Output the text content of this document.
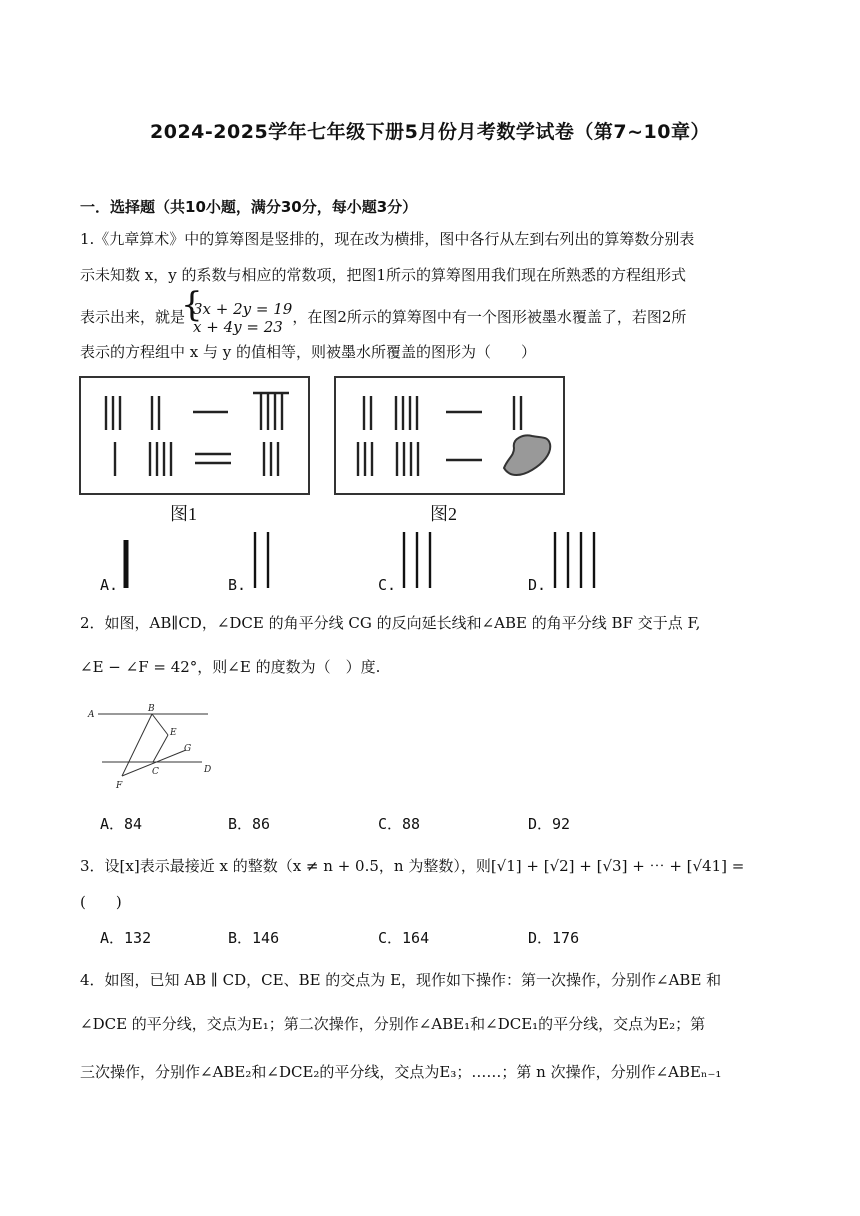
2024-2025学年七年级下册5月份月考数学试卷（第7~10章）
一．选择题（共10小题，满分30分，每小题3分）
1.《九章算术》中的算筹图是竖排的，现在改为横排，图中各行从左到右列出的算筹数分别表
示未知数 x，y 的系数与相应的常数项，把图1所示的算筹图用我们现在所熟悉的方程组形式
表示出来，就是
{ 3x + 2y = 19
x + 4y = 23
，在图2所示的算筹图中有一个图形被墨水覆盖了，若图2所
表示的方程组中 x 与 y 的值相等，则被墨水所覆盖的图形为（　　）
图1	图2
A.	B.	C.	D.
2．如图，AB∥CD，∠DCE 的角平分线 CG 的反向延长线和∠ABE 的角平分线 BF 交于点 F,
∠E − ∠F = 42°，则∠E 的度数为（　）度.
A
B
E
G
C	D
F
A．84	B．86	C．88	D．92
3．设[x]表示最接近 x 的整数（x ≠ n + 0.5，n 为整数），则[√1] + [√2] + [√3] + ⋯ + [√41] =
(　　)
A．132	B．146	C．164	D．176
4．如图，已知 AB ∥ CD，CE、BE 的交点为 E，现作如下操作：第一次操作，分别作∠ABE 和
∠DCE 的平分线，交点为E₁；第二次操作，分别作∠ABE₁和∠DCE₁的平分线，交点为E₂；第
三次操作，分别作∠ABE₂和∠DCE₂的平分线，交点为E₃；……；第 n 次操作，分别作∠ABEₙ₋₁
